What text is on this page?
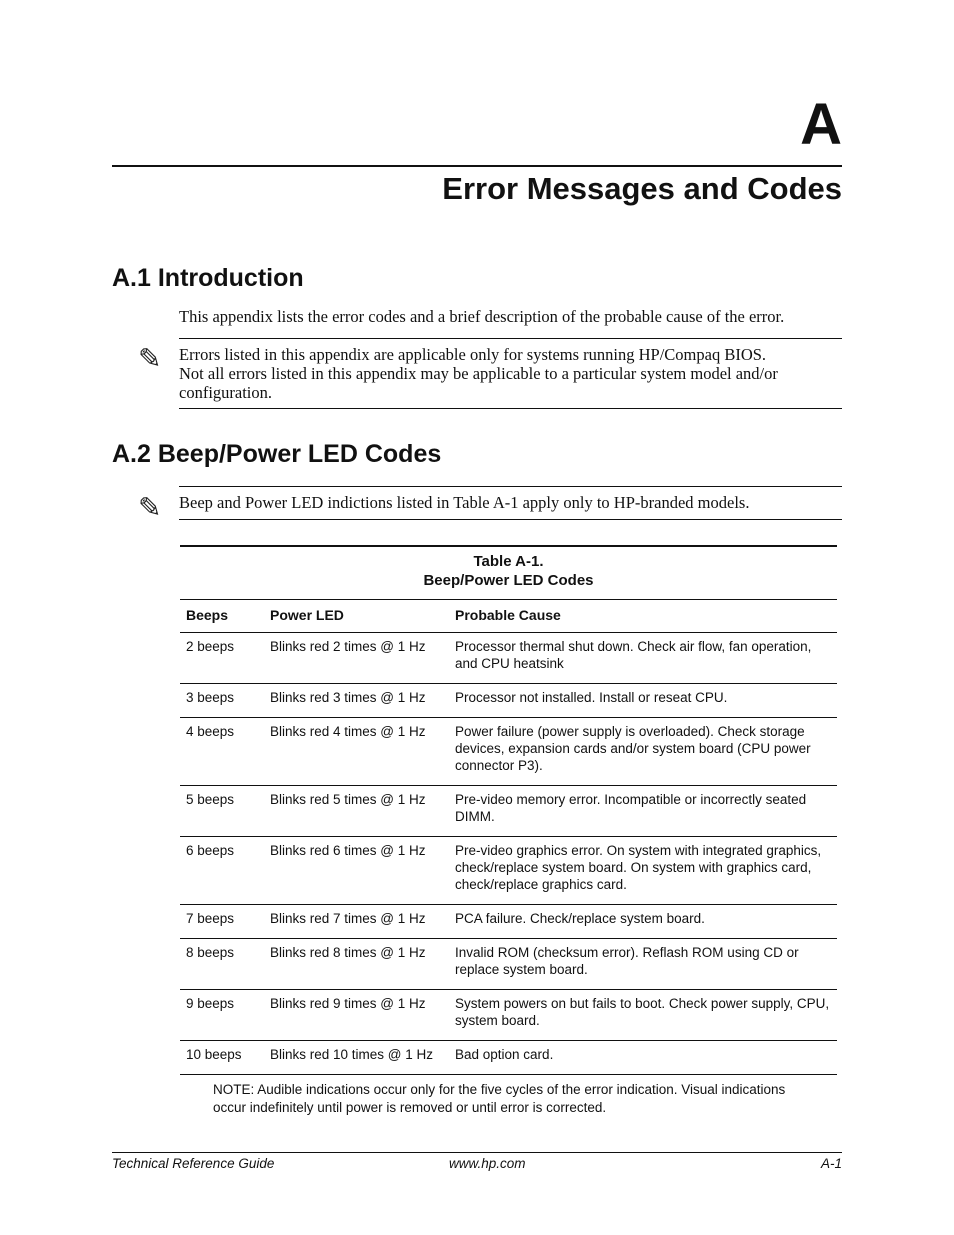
A
Error Messages and Codes
A.1 Introduction
This appendix lists the error codes and a brief description of the probable cause of the error.
✎ Errors listed in this appendix are applicable only for systems running HP/Compaq BIOS.
Not all errors listed in this appendix may be applicable to a particular system model and/or
configuration.
A.2 Beep/Power LED Codes
✎ Beep and Power LED indictions listed in Table A-1 apply only to HP-branded models.
Table A-1.
Beep/Power LED Codes
Beeps	Power LED	Probable Cause
2 beeps	Blinks red 2 times @ 1 Hz	Processor thermal shut down. Check air flow, fan operation, and CPU heatsink
3 beeps	Blinks red 3 times @ 1 Hz	Processor not installed. Install or reseat CPU.
4 beeps	Blinks red 4 times @ 1 Hz	Power failure (power supply is overloaded). Check storage devices, expansion cards and/or system board (CPU power connector P3).
5 beeps	Blinks red 5 times @ 1 Hz	Pre-video memory error. Incompatible or incorrectly seated DIMM.
6 beeps	Blinks red 6 times @ 1 Hz	Pre-video graphics error. On system with integrated graphics, check/replace system board. On system with graphics card, check/replace graphics card.
7 beeps	Blinks red 7 times @ 1 Hz	PCA failure. Check/replace system board.
8 beeps	Blinks red 8 times @ 1 Hz	Invalid ROM (checksum error). Reflash ROM using CD or replace system board.
9 beeps	Blinks red 9 times @ 1 Hz	System powers on but fails to boot. Check power supply, CPU, system board.
10 beeps	Blinks red 10 times @ 1 Hz	Bad option card.
NOTE: Audible indications occur only for the five cycles of the error indication. Visual indications occur indefinitely until power is removed or until error is corrected.
Technical Reference Guide	www.hp.com	A-1
